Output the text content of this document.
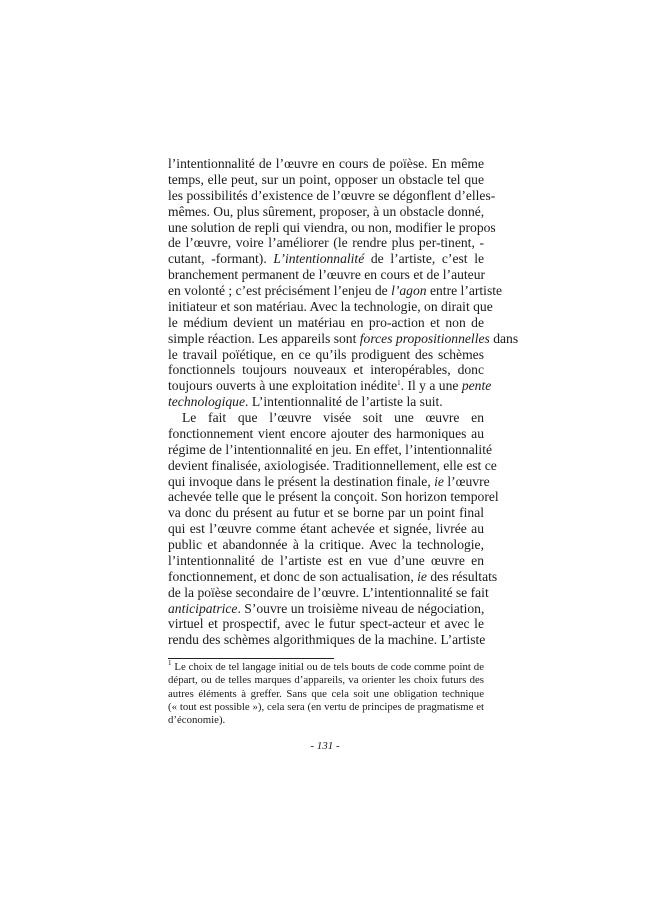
l’intentionnalité de l’œuvre en cours de poïèse. En même
temps, elle peut, sur un point, opposer un obstacle tel que
les possibilités d’existence de l’œuvre se dégonflent d’elles-
mêmes. Ou, plus sûrement, proposer, à un obstacle donné,
une solution de repli qui viendra, ou non, modifier le propos
de l’œuvre, voire l’améliorer (le rendre plus per-tinent, -
cutant, -formant). L’intentionnalité de l’artiste, c’est le
branchement permanent de l’œuvre en cours et de l’auteur
en volonté ; c’est précisément l’enjeu de l’agon entre l’artiste
initiateur et son matériau. Avec la technologie, on dirait que
le médium devient un matériau en pro-action et non de
simple réaction. Les appareils sont forces propositionnelles dans
le travail poïétique, en ce qu’ils prodiguent des schèmes
fonctionnels toujours nouveaux et interopérables, donc
toujours ouverts à une exploitation inédite$^1$. Il y a une pente
technologique. L’intentionnalité de l’artiste la suit.
Le fait que l’œuvre visée soit une œuvre en
fonctionnement vient encore ajouter des harmoniques au
régime de l’intentionnalité en jeu. En effet, l’intentionnalité
devient finalisée, axiologisée. Traditionnellement, elle est ce
qui invoque dans le présent la destination finale, ie l’œuvre
achevée telle que le présent la conçoit. Son horizon temporel
va donc du présent au futur et se borne par un point final
qui est l’œuvre comme étant achevée et signée, livrée au
public et abandonnée à la critique. Avec la technologie,
l’intentionnalité de l’artiste est en vue d’une œuvre en
fonctionnement, et donc de son actualisation, ie des résultats
de la poïèse secondaire de l’œuvre. L’intentionnalité se fait
anticipatrice. S’ouvre un troisième niveau de négociation,
virtuel et prospectif, avec le futur spect-acteur et avec le
rendu des schèmes algorithmiques de la machine. L’artiste
$^1$ Le choix de tel langage initial ou de tels bouts de code comme point de
départ, ou de telles marques d’appareils, va orienter les choix futurs des
autres éléments à greffer. Sans que cela soit une obligation technique
(« tout est possible »), cela sera (en vertu de principes de pragmatisme et
d’économie).
- 131 -
